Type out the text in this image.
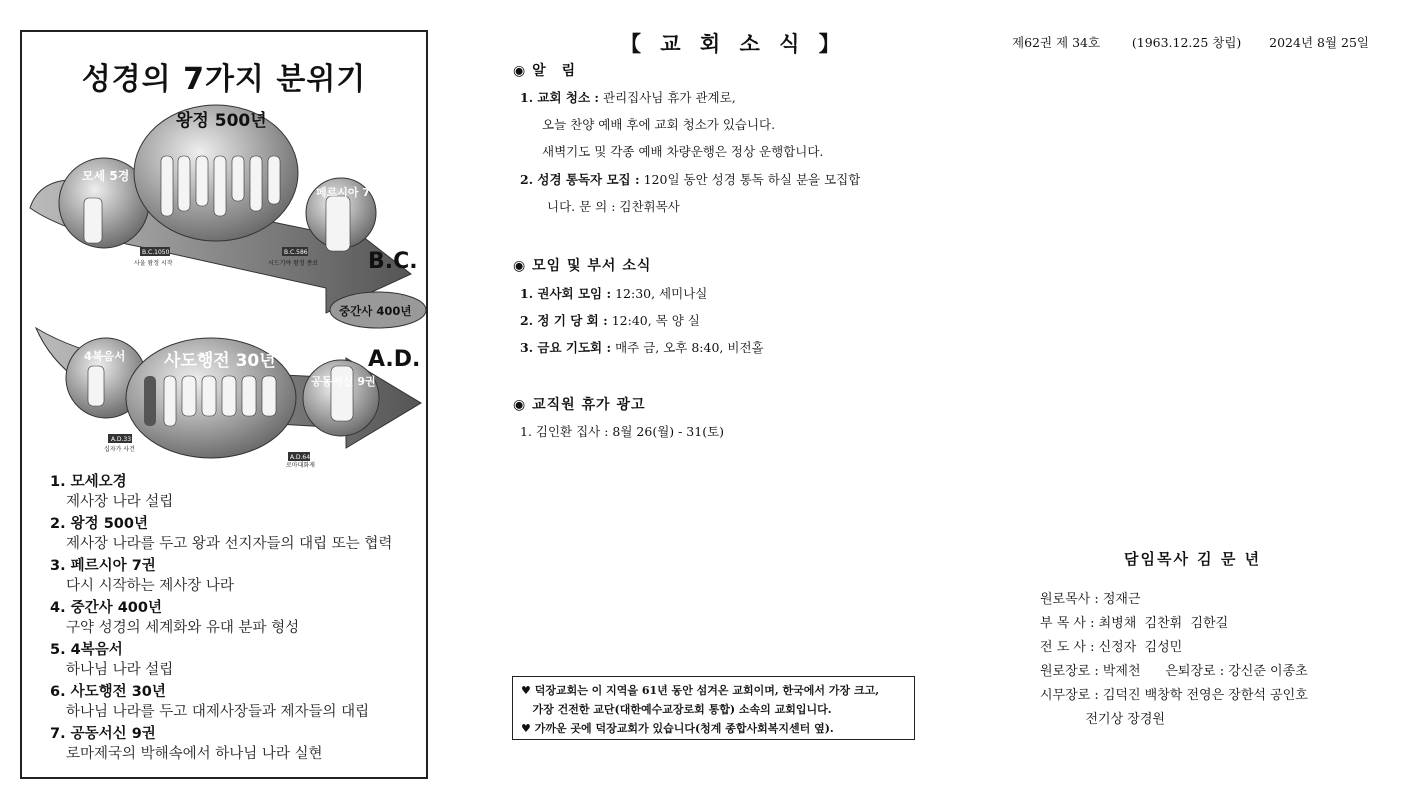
성경의 7가지 분위기
왕정 500년
모세 5경
페르시아 7권
B.C.
A.D.
중간사 400년
4복음서 사도행전 30년
공동서신 9권
B.C.1050
사울 왕정 시작
B.C.586
시드기야 왕정 종료
A.D.33
십자가 사건
A.D.64
로마대화재
1. 모세오경
제사장 나라 설립
2. 왕정 500년
제사장 나라를 두고 왕과 선지자들의 대립 또는 협력
3. 페르시아 7권
다시 시작하는 제사장 나라
4. 중간사 400년
구약 성경의 세계화와 유대 분파 형성
5. 4복음서
하나님 나라 설립
6. 사도행전 30년
하나님 나라를 두고 대제사장들과 제자들의 대립
7. 공동서신 9권
로마제국의 박해속에서 하나님 나라 실현
【 교 회 소 식 】	제62권 제 34호	(1963.12.25 창립) 2024년 8월 25일
◉ 알　림
1. 교회 청소 : 관리집사님 휴가 관계로,
오늘 찬양 예배 후에 교회 청소가 있습니다.
새벽기도 및 각종 예배 차량운행은 정상 운행합니다.
2. 성경 통독자 모집 : 120일 동안 성경 통독 하실 분을 모집합
니다. 문 의 : 김찬휘목사
◉ 모임 및 부서 소식
1. 권사회 모임 : 12:30, 세미나실
2. 정 기 당 회 : 12:40, 목 양 실
3. 금요 기도회 : 매주 금, 오후 8:40, 비전홀
◉ 교직원 휴가 광고
1. 김인환 집사 : 8월 26(월) - 31(토)
♥ 덕장교회는 이 지역을 61년 동안 섬겨온 교회이며, 한국에서 가장 크고,
가장 건전한 교단(대한예수교장로회 통합) 소속의 교회입니다.
♥ 가까운 곳에 덕장교회가 있습니다(청계 종합사회복지센터 옆).
담임목사 김 문 년
원로목사 : 정재근
부 목 사 : 최병채  김찬휘  김한길
전 도 사 : 신정자  김성민
원로장로 : 박제천      은퇴장로 : 강신준 이종초
시무장로 : 김덕진 백창학 전영은 장한석 공인호
전기상 장경원
